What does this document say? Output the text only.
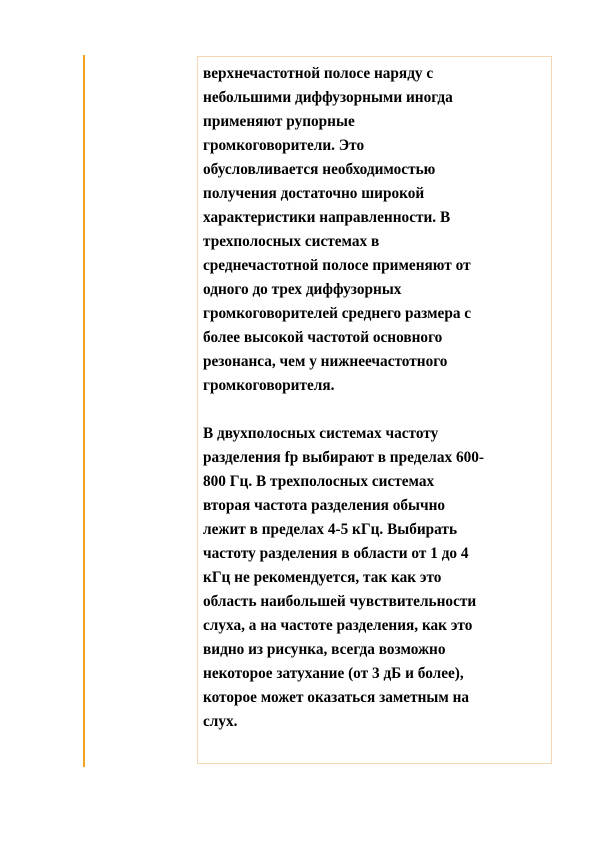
верхнечастотной полосе наряду с
небольшими диффузорными иногда
применяют рупорные
громкоговорители. Это
обусловливается необходимостью
получения достаточно широкой
характеристики направленности. В
трехполосных системах в
среднечастотной полосе применяют от
одного до трех диффузорных
громкоговорителей среднего размера с
более высокой частотой основного
резонанса, чем у нижнеечастотного
громкоговорителя.

В двухполосных системах частоту
разделения fp выбирают в пределах 600-
800 Гц. В трехполосных системах
вторая частота разделения обычно
лежит в пределах 4-5 кГц. Выбирать
частоту разделения в области от 1 до 4
кГц не рекомендуется, так как это
область наибольшей чувствительности
слуха, а на частоте разделения, как это
видно из рисунка, всегда возможно
некоторое затухание (от 3 дБ и более),
которое может оказаться заметным на
слух.
